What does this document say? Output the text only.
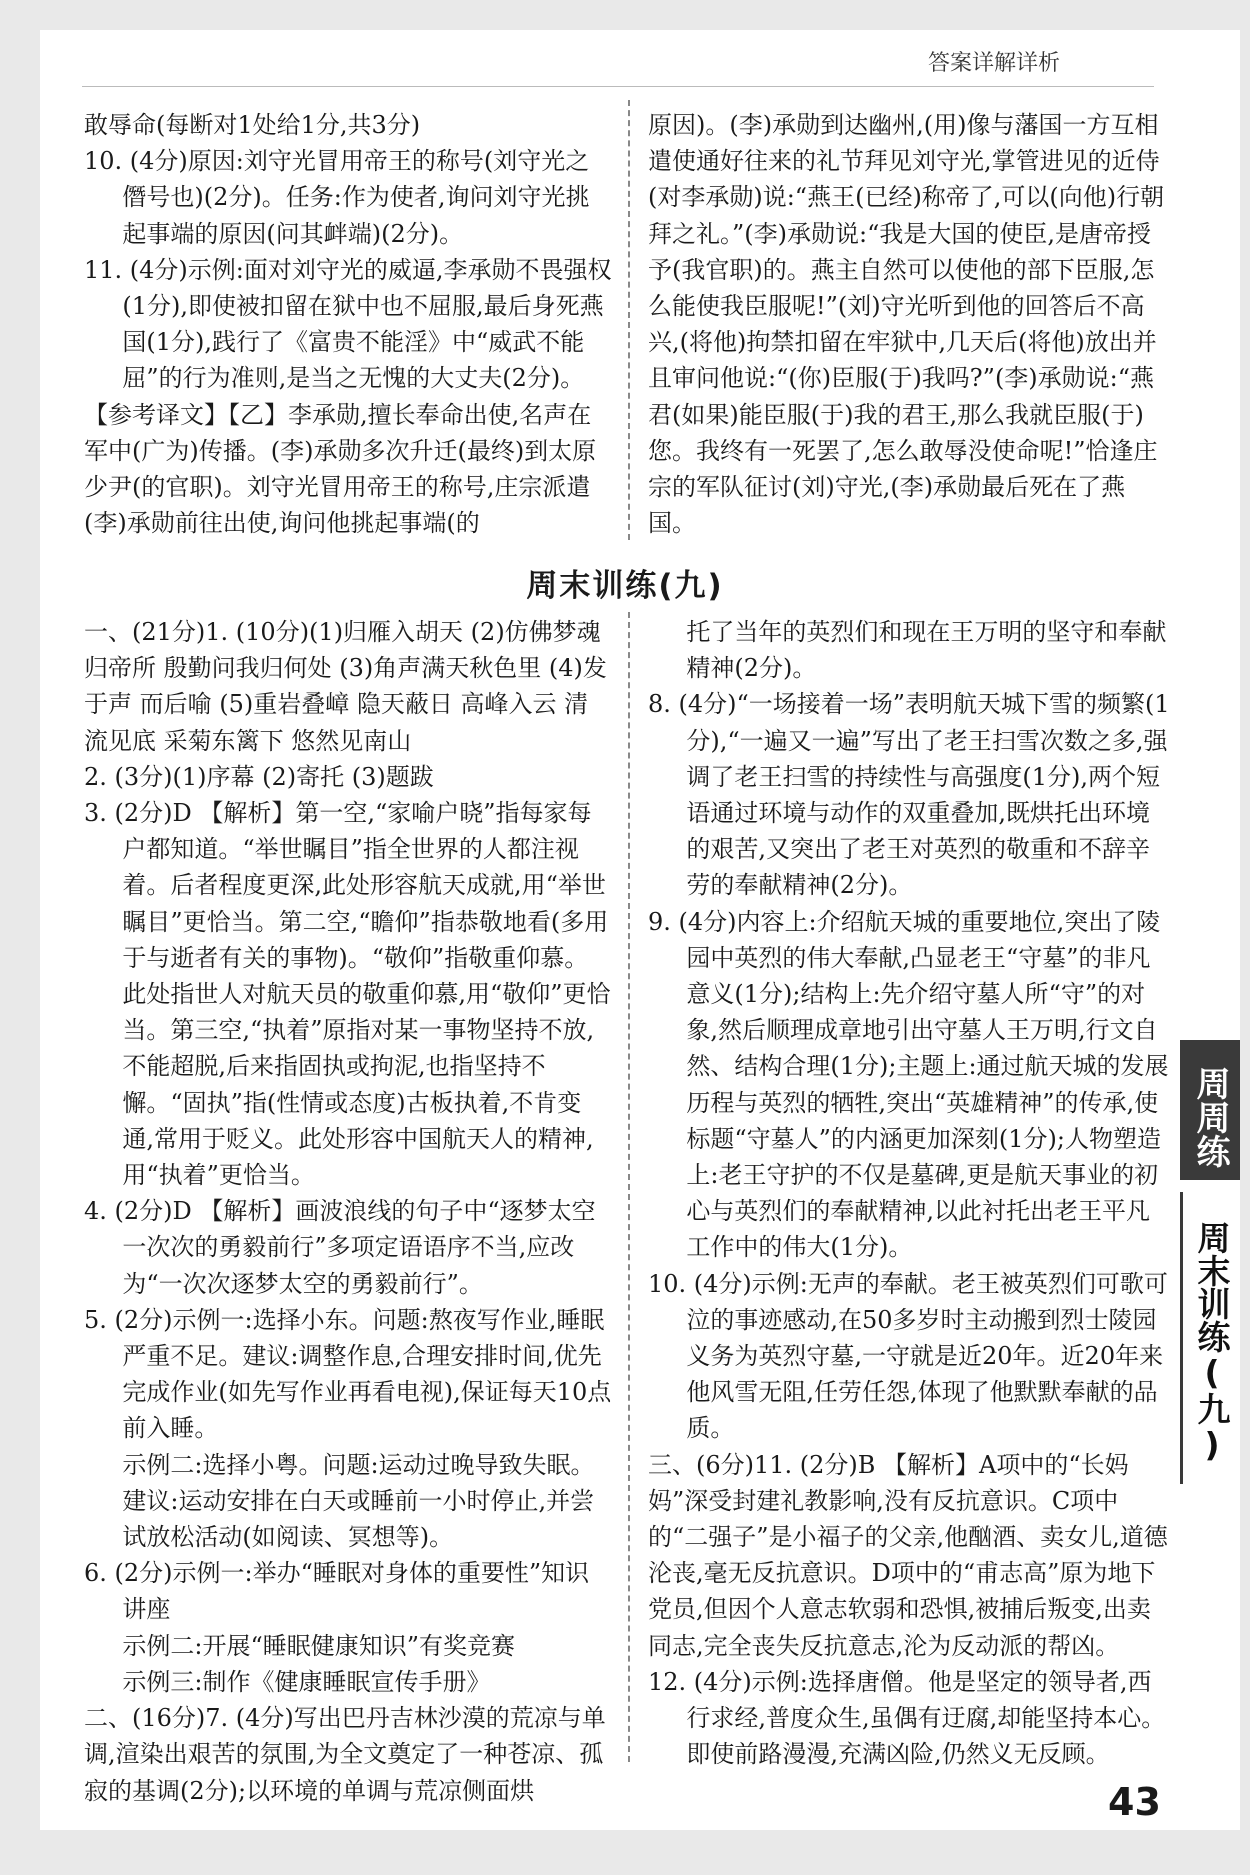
答案详解详析

敢辱命(每断对1处给1分,共3分)

10. (4分)原因:刘守光冒用帝王的称号(刘守光之僭号也)(2分)。任务:作为使者,询问刘守光挑起事端的原因(问其衅端)(2分)。

11. (4分)示例:面对刘守光的威逼,李承勋不畏强权(1分),即使被扣留在狱中也不屈服,最后身死燕国(1分),践行了《富贵不能淫》中“威武不能屈”的行为准则,是当之无愧的大丈夫(2分)。

【参考译文】【乙】李承勋,擅长奉命出使,名声在军中(广为)传播。(李)承勋多次升迁(最终)到太原少尹(的官职)。刘守光冒用帝王的称号,庄宗派遣(李)承勋前往出使,询问他挑起事端(的

原因)。(李)承勋到达幽州,(用)像与藩国一方互相遣使通好往来的礼节拜见刘守光,掌管进见的近侍(对李承勋)说:“燕王(已经)称帝了,可以(向他)行朝拜之礼。”(李)承勋说:“我是大国的使臣,是唐帝授予(我官职)的。燕主自然可以使他的部下臣服,怎么能使我臣服呢!”(刘)守光听到他的回答后不高兴,(将他)拘禁扣留在牢狱中,几天后(将他)放出并且审问他说:“(你)臣服(于)我吗?”(李)承勋说:“燕君(如果)能臣服(于)我的君王,那么我就臣服(于)您。我终有一死罢了,怎么敢辱没使命呢!”恰逢庄宗的军队征讨(刘)守光,(李)承勋最后死在了燕国。

周末训练(九)

一、(21分)1. (10分)(1)归雁入胡天 (2)仿佛梦魂归帝所 殷勤问我归何处 (3)角声满天秋色里 (4)发于声 而后喻 (5)重岩叠嶂 隐天蔽日 高峰入云 清流见底 采菊东篱下 悠然见南山

2. (3分)(1)序幕 (2)寄托 (3)题跋

3. (2分)D 【解析】第一空,“家喻户晓”指每家每户都知道。“举世瞩目”指全世界的人都注视着。后者程度更深,此处形容航天成就,用“举世瞩目”更恰当。第二空,“瞻仰”指恭敬地看(多用于与逝者有关的事物)。“敬仰”指敬重仰慕。此处指世人对航天员的敬重仰慕,用“敬仰”更恰当。第三空,“执着”原指对某一事物坚持不放,不能超脱,后来指固执或拘泥,也指坚持不懈。“固执”指(性情或态度)古板执着,不肯变通,常用于贬义。此处形容中国航天人的精神,用“执着”更恰当。

4. (2分)D 【解析】画波浪线的句子中“逐梦太空一次次的勇毅前行”多项定语语序不当,应改为“一次次逐梦太空的勇毅前行”。

5. (2分)示例一:选择小东。问题:熬夜写作业,睡眠严重不足。建议:调整作息,合理安排时间,优先完成作业(如先写作业再看电视),保证每天10点前入睡。

示例二:选择小粤。问题:运动过晚导致失眠。建议:运动安排在白天或睡前一小时停止,并尝试放松活动(如阅读、冥想等)。

6. (2分)示例一:举办“睡眠对身体的重要性”知识讲座

示例二:开展“睡眠健康知识”有奖竞赛

示例三:制作《健康睡眠宣传手册》

二、(16分)7. (4分)写出巴丹吉林沙漠的荒凉与单调,渲染出艰苦的氛围,为全文奠定了一种苍凉、孤寂的基调(2分);以环境的单调与荒凉侧面烘

托了当年的英烈们和现在王万明的坚守和奉献精神(2分)。

8. (4分)“一场接着一场”表明航天城下雪的频繁(1分),“一遍又一遍”写出了老王扫雪次数之多,强调了老王扫雪的持续性与高强度(1分),两个短语通过环境与动作的双重叠加,既烘托出环境的艰苦,又突出了老王对英烈的敬重和不辞辛劳的奉献精神(2分)。

9. (4分)内容上:介绍航天城的重要地位,突出了陵园中英烈的伟大奉献,凸显老王“守墓”的非凡意义(1分);结构上:先介绍守墓人所“守”的对象,然后顺理成章地引出守墓人王万明,行文自然、结构合理(1分);主题上:通过航天城的发展历程与英烈的牺牲,突出“英雄精神”的传承,使标题“守墓人”的内涵更加深刻(1分);人物塑造上:老王守护的不仅是墓碑,更是航天事业的初心与英烈们的奉献精神,以此衬托出老王平凡工作中的伟大(1分)。

10. (4分)示例:无声的奉献。老王被英烈们可歌可泣的事迹感动,在50多岁时主动搬到烈士陵园义务为英烈守墓,一守就是近20年。近20年来他风雪无阻,任劳任怨,体现了他默默奉献的品质。

三、(6分)11. (2分)B 【解析】A项中的“长妈妈”深受封建礼教影响,没有反抗意识。C项中的“二强子”是小福子的父亲,他酗酒、卖女儿,道德沦丧,毫无反抗意识。D项中的“甫志高”原为地下党员,但因个人意志软弱和恐惧,被捕后叛变,出卖同志,完全丧失反抗意志,沦为反动派的帮凶。

12. (4分)示例:选择唐僧。他是坚定的领导者,西行求经,普度众生,虽偶有迂腐,却能坚持本心。即使前路漫漫,充满凶险,仍然义无反顾。

周周练
周末训练(九)
43
